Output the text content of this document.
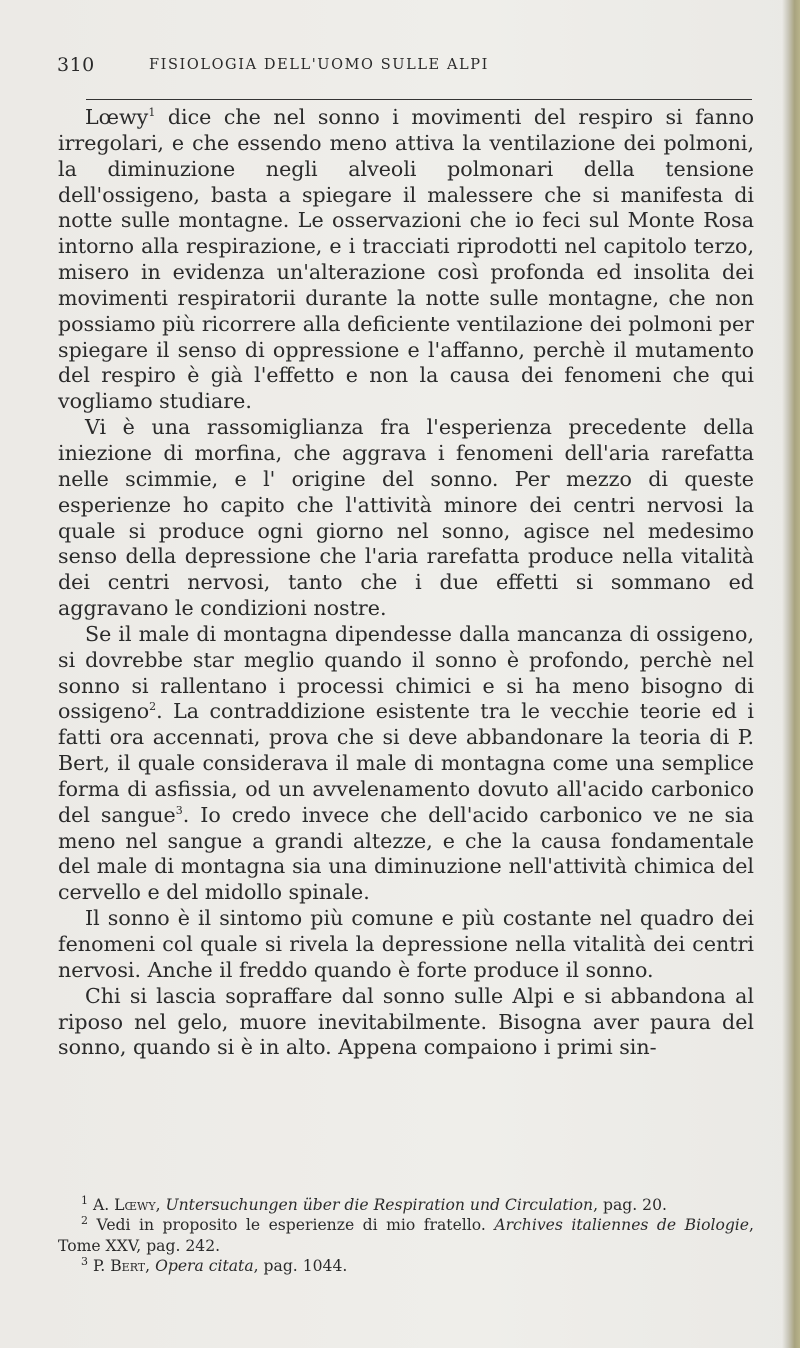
310	FISIOLOGIA DELL'UOMO SULLE ALPI

Lœwy$^1$ dice che nel sonno i movimenti del respiro si fanno irregolari, e che essendo meno attiva la ventilazione dei polmoni, la diminuzione negli alveoli polmonari della tensione dell'ossigeno, basta a spiegare il malessere che si manifesta di notte sulle montagne. Le osservazioni che io feci sul Monte Rosa intorno alla respirazione, e i tracciati riprodotti nel capitolo terzo, misero in evidenza un'alterazione così profonda ed insolita dei movimenti respiratorii durante la notte sulle montagne, che non possiamo più ricorrere alla deficiente ventilazione dei polmoni per spiegare il senso di oppressione e l'affanno, perchè il mutamento del respiro è già l'effetto e non la causa dei fenomeni che qui vogliamo studiare.

Vi è una rassomiglianza fra l'esperienza precedente della iniezione di morfina, che aggrava i fenomeni dell'aria rarefatta nelle scimmie, e l' origine del sonno. Per mezzo di queste esperienze ho capito che l'attività minore dei centri nervosi la quale si produce ogni giorno nel sonno, agisce nel medesimo senso della depressione che l'aria rarefatta produce nella vitalità dei centri nervosi, tanto che i due effetti si sommano ed aggravano le condizioni nostre.

Se il male di montagna dipendesse dalla mancanza di ossigeno, si dovrebbe star meglio quando il sonno è profondo, perchè nel sonno si rallentano i processi chimici e si ha meno bisogno di ossigeno$^2$. La contraddizione esistente tra le vecchie teorie ed i fatti ora accennati, prova che si deve abbandonare la teoria di P. Bert, il quale considerava il male di montagna come una semplice forma di asfissia, od un avvelenamento dovuto all'acido carbonico del sangue$^3$. Io credo invece che dell'acido carbonico ve ne sia meno nel sangue a grandi altezze, e che la causa fondamentale del male di montagna sia una diminuzione nell'attività chimica del cervello e del midollo spinale.

Il sonno è il sintomo più comune e più costante nel quadro dei fenomeni col quale si rivela la depressione nella vitalità dei centri nervosi. Anche il freddo quando è forte produce il sonno.

Chi si lascia sopraffare dal sonno sulle Alpi e si abbandona al riposo nel gelo, muore inevitabilmente. Bisogna aver paura del sonno, quando si è in alto. Appena compaiono i primi sin-

$^1$ A. Lœwy, Untersuchungen über die Respiration und Circulation, pag. 20.

$^2$ Vedi in proposito le esperienze di mio fratello. Archives italiennes de Biologie, Tome XXV, pag. 242.

$^3$ P. Bert, Opera citata, pag. 1044.
